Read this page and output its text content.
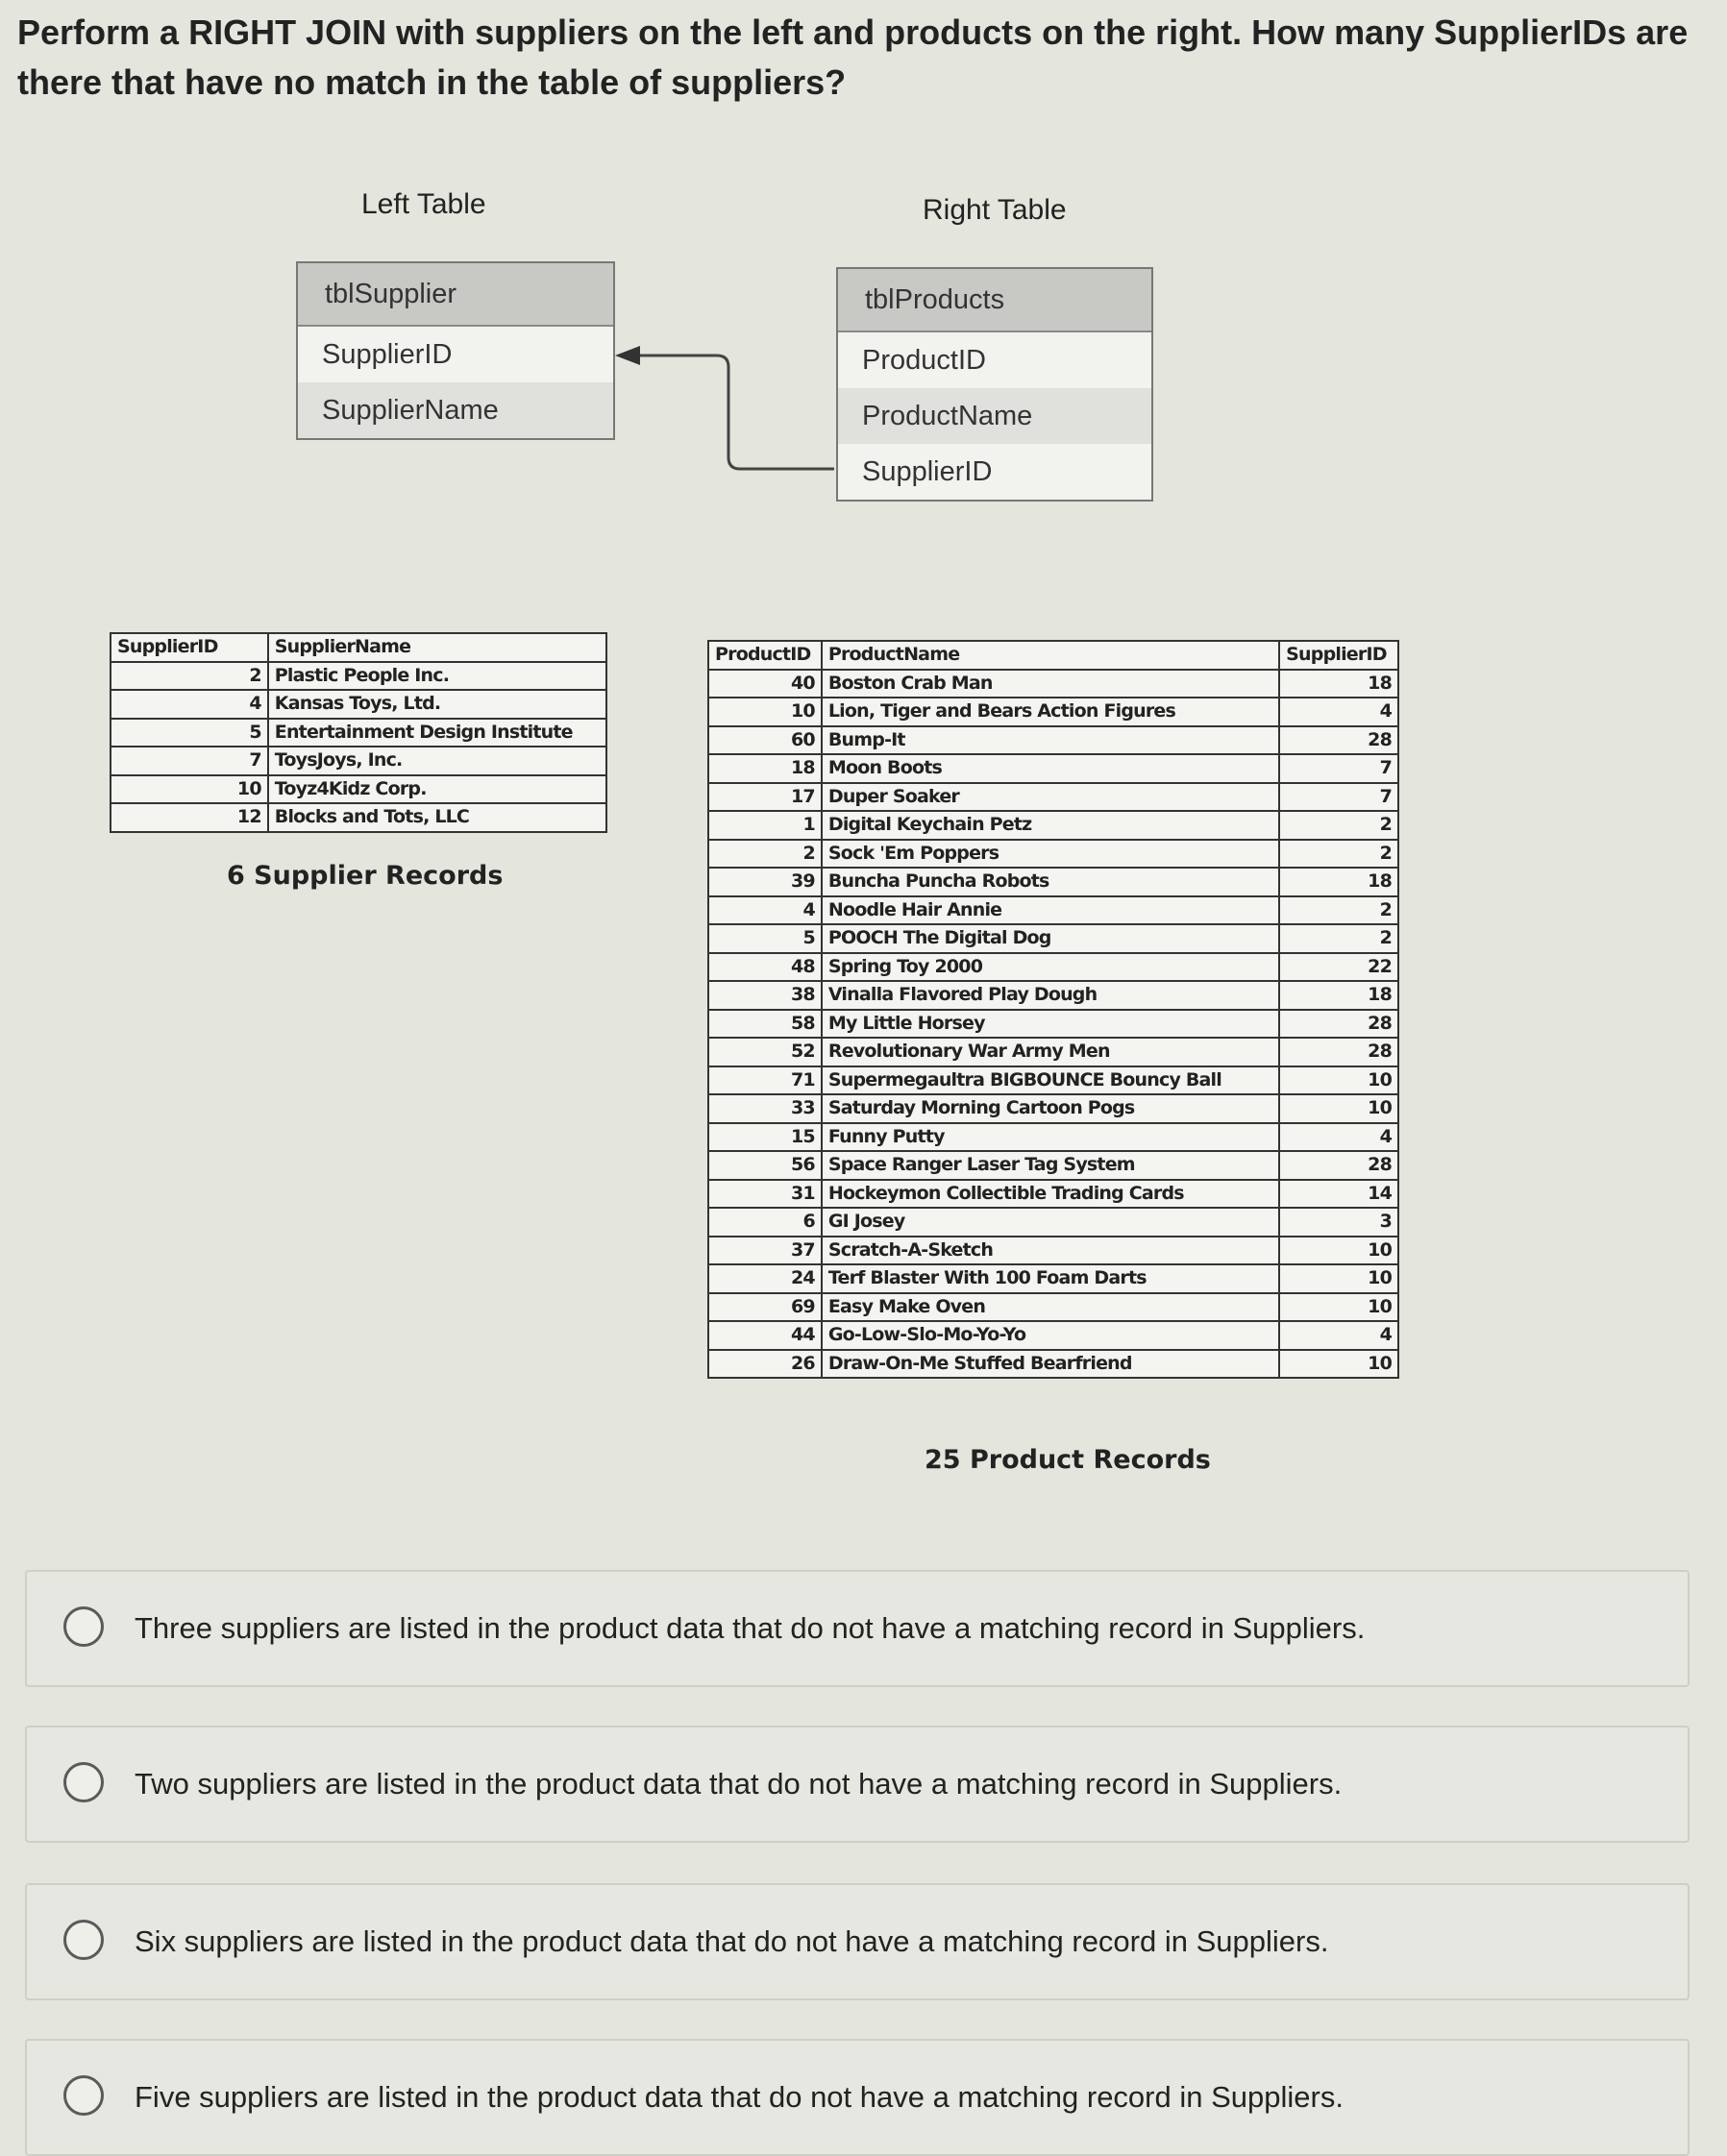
Perform a RIGHT JOIN with suppliers on the left and products on the right. How many SupplierIDs are there that have no match in the table of suppliers?
Left Table	Right Table
tblSupplier
SupplierID
SupplierName
tblProducts
ProductID
ProductName
SupplierID
SupplierID	SupplierName
2	Plastic People Inc.
4	Kansas Toys, Ltd.
5	Entertainment Design Institute
7	ToysJoys, Inc.
10	Toyz4Kidz Corp.
12	Blocks and Tots, LLC
6 Supplier Records
ProductID	ProductName	SupplierID
40	Boston Crab Man	18
10	Lion, Tiger and Bears Action Figures	4
60	Bump-It	28
18	Moon Boots	7
17	Duper Soaker	7
1	Digital Keychain Petz	2
2	Sock 'Em Poppers	2
39	Buncha Puncha Robots	18
4	Noodle Hair Annie	2
5	POOCH The Digital Dog	2
48	Spring Toy 2000	22
38	Vinalla Flavored Play Dough	18
58	My Little Horsey	28
52	Revolutionary War Army Men	28
71	Supermegaultra BIGBOUNCE Bouncy Ball	10
33	Saturday Morning Cartoon Pogs	10
15	Funny Putty	4
56	Space Ranger Laser Tag System	28
31	Hockeymon Collectible Trading Cards	14
6	GI Josey	3
37	Scratch-A-Sketch	10
24	Terf Blaster With 100 Foam Darts	10
69	Easy Make Oven	10
44	Go-Low-Slo-Mo-Yo-Yo	4
26	Draw-On-Me Stuffed Bearfriend	10
25 Product Records
Three suppliers are listed in the product data that do not have a matching record in Suppliers.
Two suppliers are listed in the product data that do not have a matching record in Suppliers.
Six suppliers are listed in the product data that do not have a matching record in Suppliers.
Five suppliers are listed in the product data that do not have a matching record in Suppliers.
